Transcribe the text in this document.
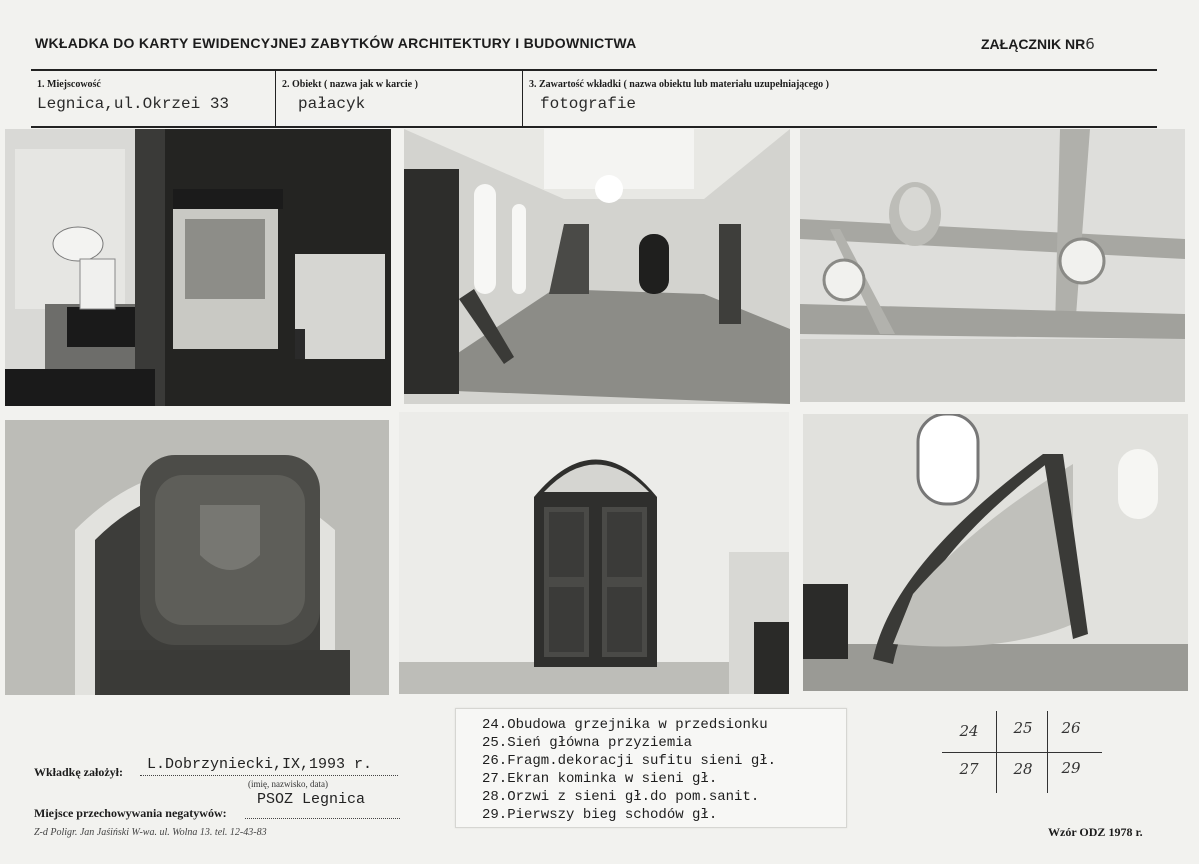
WKŁADKA DO KARTY EWIDENCYJNEJ ZABYTKÓW ARCHITEKTURY I BUDOWNICTWA	ZAŁĄCZNIK NR6
1. Miejscowość
Legnica,ul.Okrzei 33
2. Obiekt ( nazwa jak w karcie )
pałacyk
3. Zawartość wkładki ( nazwa obiektu lub materiału uzupełniającego )
fotografie
Wkładkę założył: L.Dobrzyniecki,IX,1993 r.
(imię, nazwisko, data)
Miejsce przechowywania negatywów:
PSOZ Legnica
Z-d Poligr. Jan Jaśiński W-wa. ul. Wolna 13. tel. 12-43-83	Wzór ODZ 1978 r.
24.Obudowa grzejnika w przedsionku
25.Sień główna przyziemia
26.Fragm.dekoracji sufitu sieni gł.
27.Ekran kominka w sieni gł.
28.Orzwi z sieni gł.do pom.sanit.
29.Pierwszy bieg schodów gł.
24	25	26
27	28	29
